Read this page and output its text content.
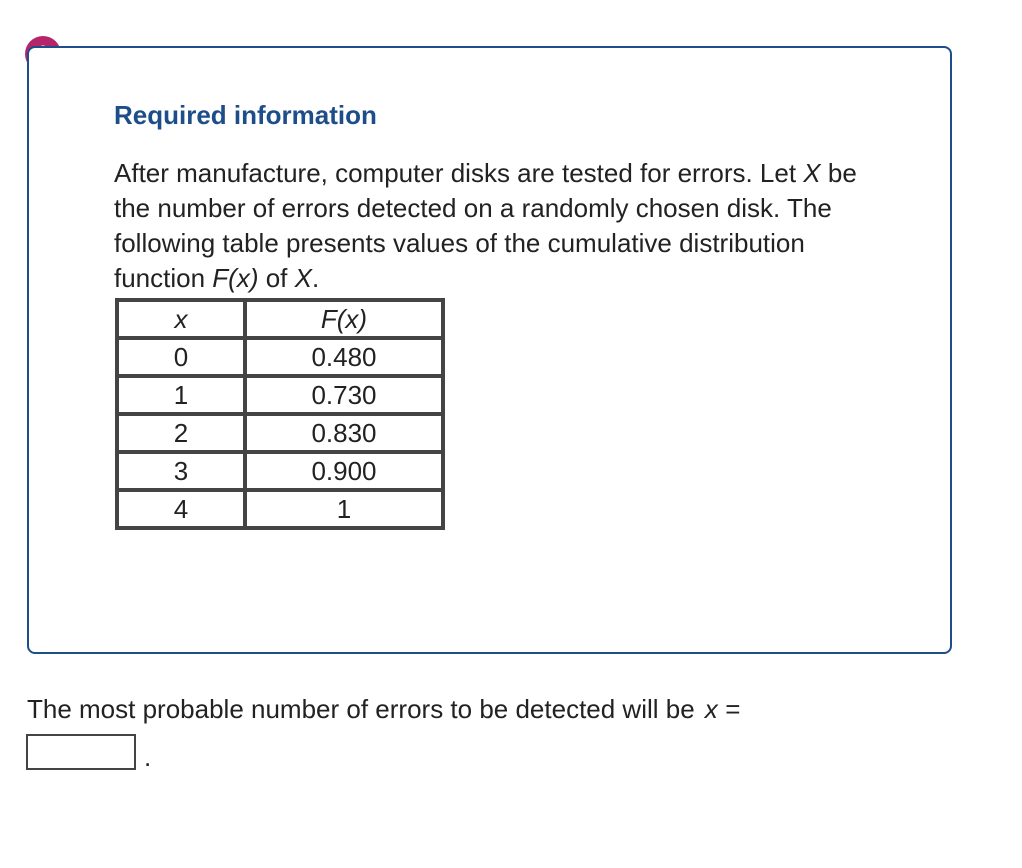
Required information

After manufacture, computer disks are tested for errors. Let X be the number of errors detected on a randomly chosen disk. The following table presents values of the cumulative distribution function F(x) of X.

x	F(x)
0	0.480
1	0.730
2	0.830
3	0.900
4	1

The most probable number of errors to be detected will be x =

.
